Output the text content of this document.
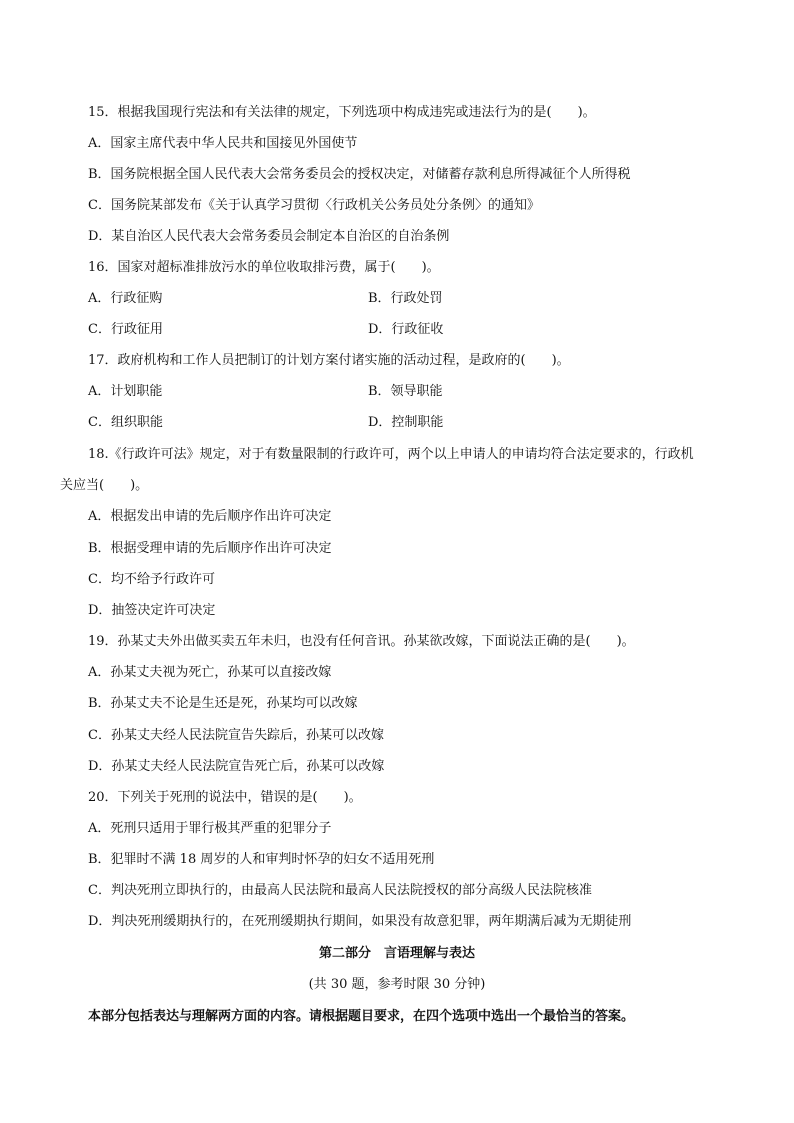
15．根据我国现行宪法和有关法律的规定，下列选项中构成违宪或违法行为的是(　　)。
A．国家主席代表中华人民共和国接见外国使节
B．国务院根据全国人民代表大会常务委员会的授权决定，对储蓄存款利息所得减征个人所得税
C．国务院某部发布《关于认真学习贯彻〈行政机关公务员处分条例〉的通知》
D．某自治区人民代表大会常务委员会制定本自治区的自治条例
16．国家对超标准排放污水的单位收取排污费，属于(　　)。
A．行政征购	B．行政处罚
C．行政征用	D．行政征收
17．政府机构和工作人员把制订的计划方案付诸实施的活动过程，是政府的(　　)。
A．计划职能	B．领导职能
C．组织职能	D．控制职能
18.《行政许可法》规定，对于有数量限制的行政许可，两个以上申请人的申请均符合法定要求的，行政机
关应当(　　)。
A．根据发出申请的先后顺序作出许可决定
B．根据受理申请的先后顺序作出许可决定
C．均不给予行政许可
D．抽签决定许可决定
19．孙某丈夫外出做买卖五年未归，也没有任何音讯。孙某欲改嫁，下面说法正确的是(　　)。
A．孙某丈夫视为死亡，孙某可以直接改嫁
B．孙某丈夫不论是生还是死，孙某均可以改嫁
C．孙某丈夫经人民法院宣告失踪后，孙某可以改嫁
D．孙某丈夫经人民法院宣告死亡后，孙某可以改嫁
20．下列关于死刑的说法中，错误的是(　　)。
A．死刑只适用于罪行极其严重的犯罪分子
B．犯罪时不满 18 周岁的人和审判时怀孕的妇女不适用死刑
C．判决死刑立即执行的，由最高人民法院和最高人民法院授权的部分高级人民法院核准
D．判决死刑缓期执行的，在死刑缓期执行期间，如果没有故意犯罪，两年期满后减为无期徒刑
第二部分　言语理解与表达
(共 30 题，参考时限 30 分钟)
本部分包括表达与理解两方面的内容。请根据题目要求，在四个选项中选出一个最恰当的答案。
